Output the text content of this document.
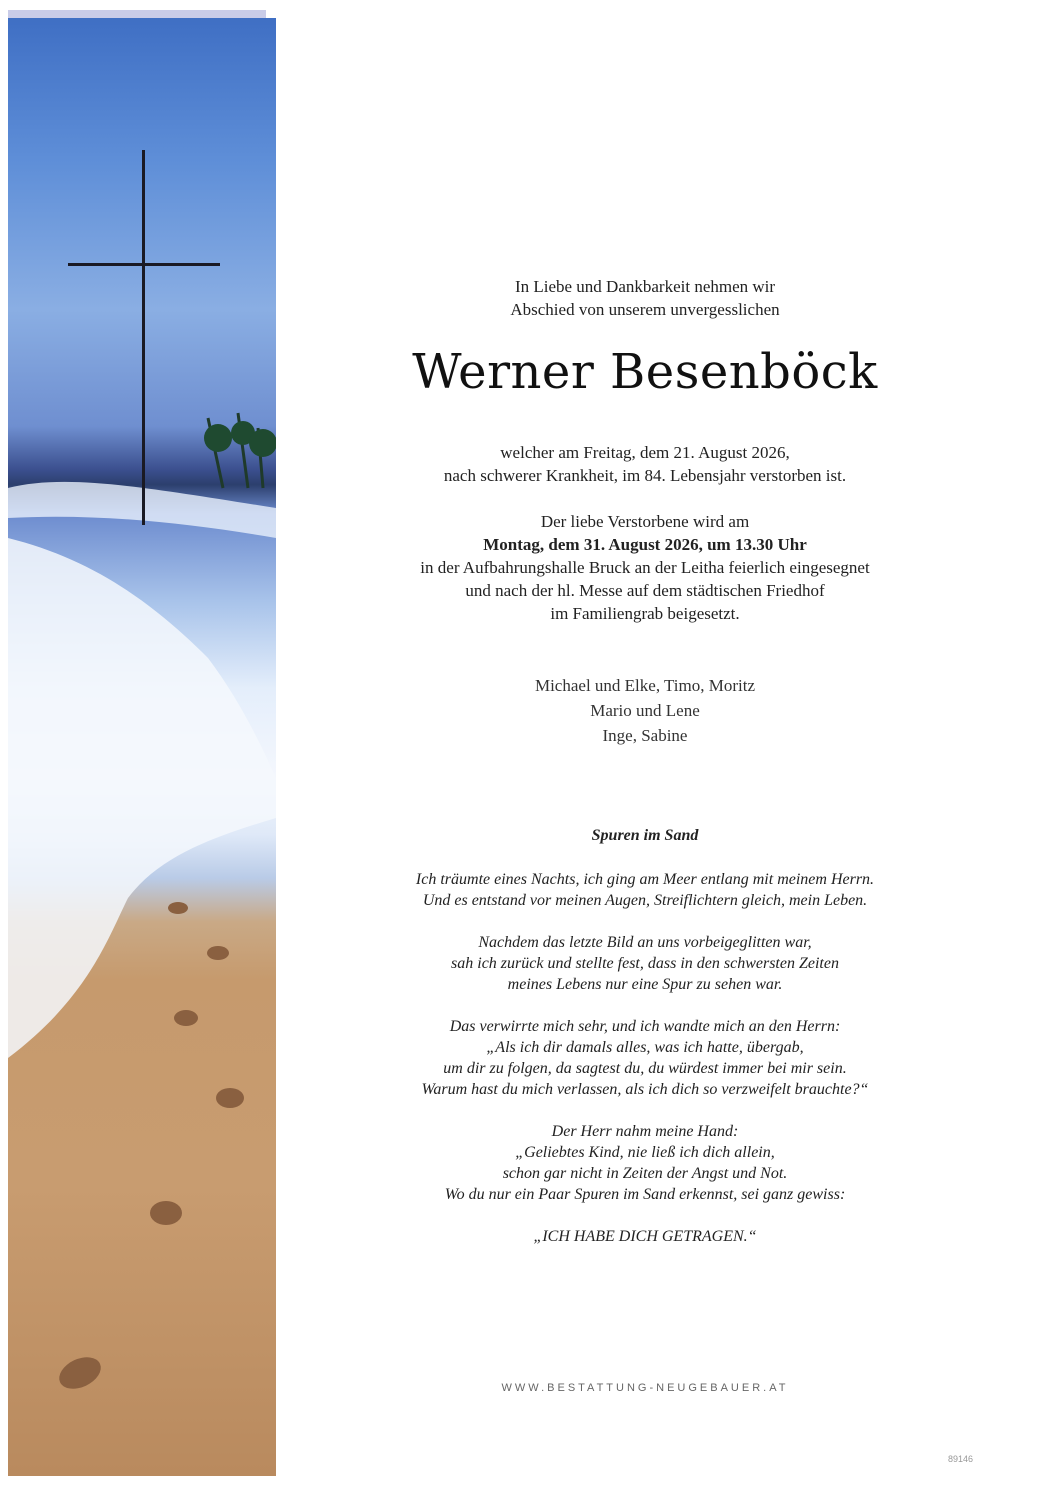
In Liebe und Dankbarkeit nehmen wir
Abschied von unserem unvergesslichen
Werner Besenböck
welcher am Freitag, dem 21. August 2026,
nach schwerer Krankheit, im 84. Lebensjahr verstorben ist.
Der liebe Verstorbene wird am
Montag, dem 31. August 2026, um 13.30 Uhr
in der Aufbahrungshalle Bruck an der Leitha feierlich eingesegnet
und nach der hl. Messe auf dem städtischen Friedhof
im Familiengrab beigesetzt.
Michael und Elke, Timo, Moritz
Mario und Lene
Inge, Sabine
Spuren im Sand
Ich träumte eines Nachts, ich ging am Meer entlang mit meinem Herrn.
Und es entstand vor meinen Augen, Streiflichtern gleich, mein Leben.
Nachdem das letzte Bild an uns vorbeigeglitten war,
sah ich zurück und stellte fest, dass in den schwersten Zeiten
meines Lebens nur eine Spur zu sehen war.
Das verwirrte mich sehr, und ich wandte mich an den Herrn:
„Als ich dir damals alles, was ich hatte, übergab,
um dir zu folgen, da sagtest du, du würdest immer bei mir sein.
Warum hast du mich verlassen, als ich dich so verzweifelt brauchte?“
Der Herr nahm meine Hand:
„Geliebtes Kind, nie ließ ich dich allein,
schon gar nicht in Zeiten der Angst und Not.
Wo du nur ein Paar Spuren im Sand erkennst, sei ganz gewiss:
„ICH HABE DICH GETRAGEN.“
WWW.BESTATTUNG-NEUGEBAUER.AT
89146
